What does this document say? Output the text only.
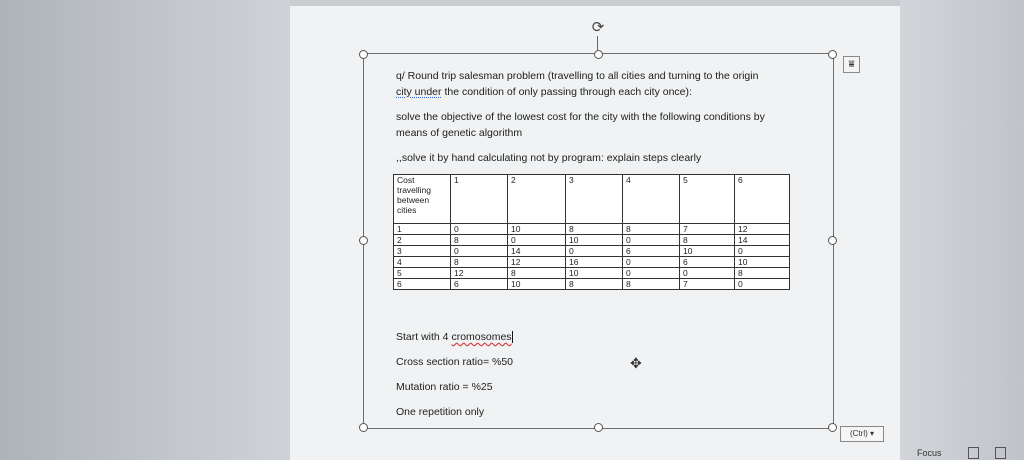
⟳
⩸
q/ Round trip salesman problem (travelling to all cities and turning to the origin
city under the condition of only passing through each city once):
solve the objective of the lowest cost for the city with the following conditions by
means of genetic algorithm
,,solve it by hand calculating not by program: explain steps clearly
Cost travelling between cities	1	2	3	4	5	6
1	0	10	8	8	7	12
2	8	0	10	0	8	14
3	0	14	0	6	10	0
4	8	12	16	0	6	10
5	12	8	10	0	0	8
6	6	10	8	8	7	0
Start with 4 cromosomes
Cross section ratio= %50
Mutation ratio = %25
One repetition only
✥
(Ctrl) ▾
Focus
